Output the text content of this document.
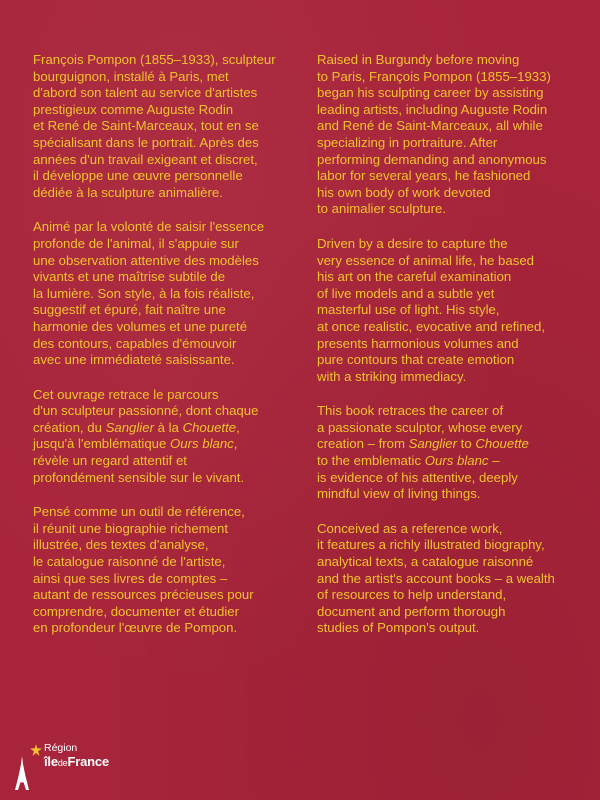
François Pompon (1855–1933), sculpteur
bourguignon, installé à Paris, met
d'abord son talent au service d'artistes
prestigieux comme Auguste Rodin
et René de Saint-Marceaux, tout en se
spécialisant dans le portrait. Après des
années d'un travail exigeant et discret,
il développe une œuvre personnelle
dédiée à la sculpture animalière.

Animé par la volonté de saisir l'essence
profonde de l'animal, il s'appuie sur
une observation attentive des modèles
vivants et une maîtrise subtile de
la lumière. Son style, à la fois réaliste,
suggestif et épuré, fait naître une
harmonie des volumes et une pureté
des contours, capables d'émouvoir
avec une immédiateté saisissante.

Cet ouvrage retrace le parcours
d'un sculpteur passionné, dont chaque
création, du Sanglier à la Chouette,
jusqu'à l'emblématique Ours blanc,
révèle un regard attentif et
profondément sensible sur le vivant.

Pensé comme un outil de référence,
il réunit une biographie richement
illustrée, des textes d'analyse,
le catalogue raisonné de l'artiste,
ainsi que ses livres de comptes –
autant de ressources précieuses pour
comprendre, documenter et étudier
en profondeur l'œuvre de Pompon.

Raised in Burgundy before moving
to Paris, François Pompon (1855–1933)
began his sculpting career by assisting
leading artists, including Auguste Rodin
and René de Saint-Marceaux, all while
specializing in portraiture. After
performing demanding and anonymous
labor for several years, he fashioned
his own body of work devoted
to animalier sculpture.

Driven by a desire to capture the
very essence of animal life, he based
his art on the careful examination
of live models and a subtle yet
masterful use of light. His style,
at once realistic, evocative and refined,
presents harmonious volumes and
pure contours that create emotion
with a striking immediacy.

This book retraces the career of
a passionate sculptor, whose every
creation – from Sanglier to Chouette
to the emblematic Ours blanc –
is evidence of his attentive, deeply
mindful view of living things.

Conceived as a reference work,
it features a richly illustrated biography,
analytical texts, a catalogue raisonné
and the artist's account books – a wealth
of resources to help understand,
document and perform thorough
studies of Pompon's output.

Région
îledeFrance
